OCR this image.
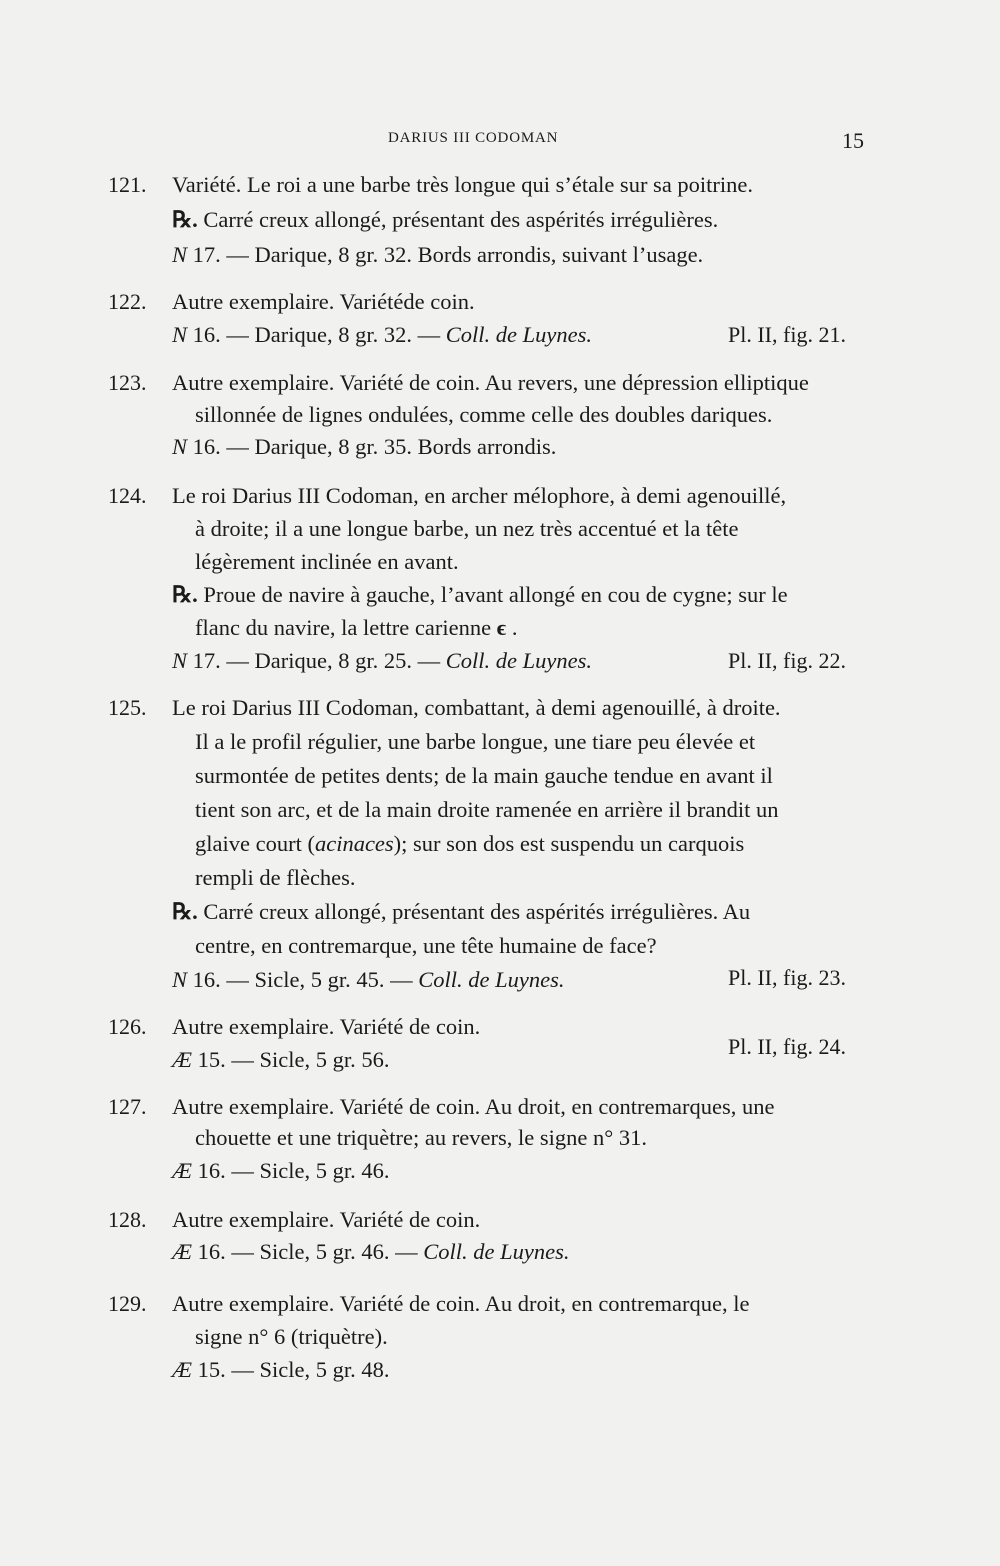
DARIUS III CODOMAN	15
121. Variété. Le roi a une barbe très longue qui s’étale sur sa poitrine.
℞. Carré creux allongé, présentant des aspérités irrégulières.
N 17. — Darique, 8 gr. 32. Bords arrondis, suivant l’usage.
122. Autre exemplaire. Variétéde coin.
N 16. — Darique, 8 gr. 32. — Coll. de Luynes.	Pl. II, fig. 21.
123. Autre exemplaire. Variété de coin. Au revers, une dépression elliptique
sillonnée de lignes ondulées, comme celle des doubles dariques.
N 16. — Darique, 8 gr. 35. Bords arrondis.
124. Le roi Darius III Codoman, en archer mélophore, à demi agenouillé,
à droite; il a une longue barbe, un nez très accentué et la tête
légèrement inclinée en avant.
℞. Proue de navire à gauche, l’avant allongé en cou de cygne; sur le
flanc du navire, la lettre carienne ϵ .
N 17. — Darique, 8 gr. 25. — Coll. de Luynes.	Pl. II, fig. 22.
125. Le roi Darius III Codoman, combattant, à demi agenouillé, à droite.
Il a le profil régulier, une barbe longue, une tiare peu élevée et
surmontée de petites dents; de la main gauche tendue en avant il
tient son arc, et de la main droite ramenée en arrière il brandit un
glaive court (acinaces); sur son dos est suspendu un carquois
rempli de flèches.
℞. Carré creux allongé, présentant des aspérités irrégulières. Au
centre, en contremarque, une tête humaine de face?
N 16. — Sicle, 5 gr. 45. — Coll. de Luynes.	Pl. II, fig. 23.
126. Autre exemplaire. Variété de coin.
Æ 15. — Sicle, 5 gr. 56.
Pl. II, fig. 24.
127. Autre exemplaire. Variété de coin. Au droit, en contremarques, une
chouette et une triquètre; au revers, le signe n° 31.
Æ 16. — Sicle, 5 gr. 46.
128. Autre exemplaire. Variété de coin.
Æ 16. — Sicle, 5 gr. 46. — Coll. de Luynes.
129. Autre exemplaire. Variété de coin. Au droit, en contremarque, le
signe n° 6 (triquètre).
Æ 15. — Sicle, 5 gr. 48.
